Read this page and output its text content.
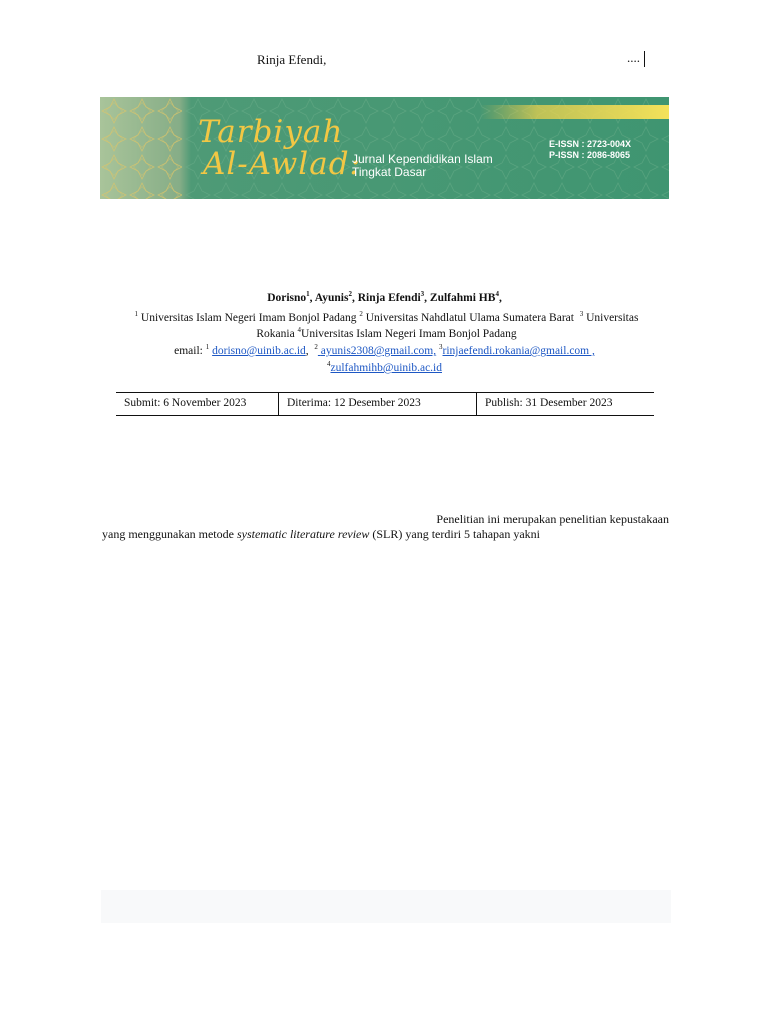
Rinja Efendi,	....
Tarbiyah
Al-Awlad:
Jurnal Kependidikan Islam
Tingkat Dasar
E-ISSN : 2723-004X
P-ISSN : 2086-8065
Dorisno$^1$, Ayunis$^2$, Rinja Efendi$^3$, Zulfahmi $HB^4$,
$^1$ Universitas Islam Negeri Imam Bonjol Padang $^2$ Universitas Nahdlatul Ulama Sumatera Barat $^3$ Universitas
Rokania $^4$Universitas Islam Negeri Imam Bonjol Padang
email: $^1$ dorisno@uinib.ac.id,  $^2$ ayunis2308@gmail.com, $^3$rinjaefendi.rokania@gmail.com ,
$^4$zulfahmihb@uinib.ac.id
Submit: 6 November 2023	Diterima: 12 Desember 2023	Publish: 31 Desember 2023
Penelitian ini merupakan penelitian kepustakaan
yang menggunakan metode systematic literature review (SLR) yang terdiri 5 tahapan yakni
